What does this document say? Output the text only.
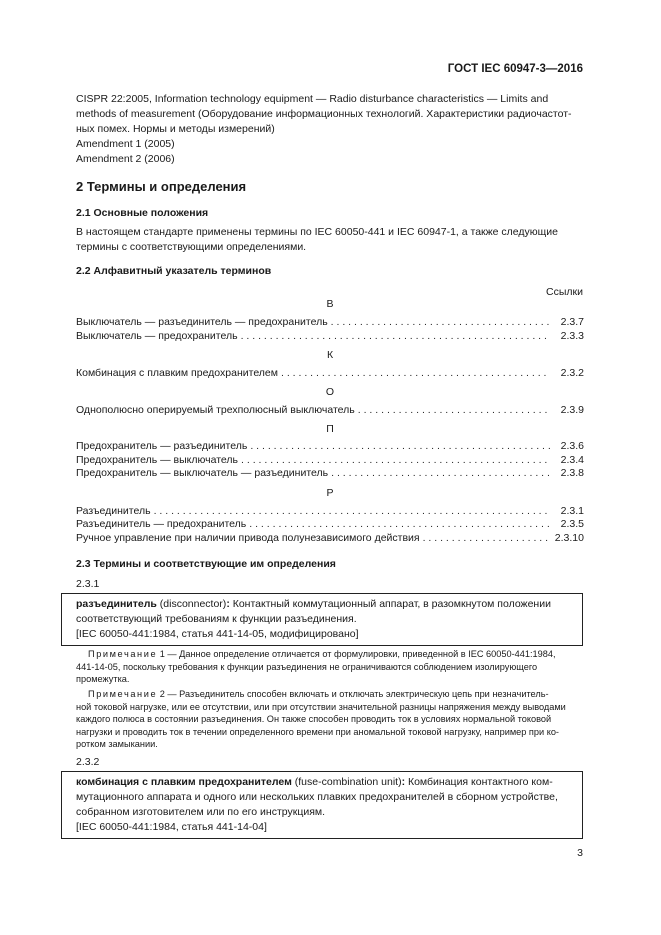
ГОСТ IEC 60947-3—2016
CISPR 22:2005, Information technology equipment — Radio disturbance characteristics — Limits and
methods of measurement (Оборудование информационных технологий. Характеристики радиочастот-
ных помех. Нормы и методы измерений)
Amendment 1 (2005)
Amendment 2 (2006)
2 Термины и определения
2.1 Основные положения
В настоящем стандарте применены термины по IEC 60050-441 и IEC 60947-1, а также следующие
термины с соответствующими определениями.
2.2 Алфавитный указатель терминов
Ссылки
В
Выключатель — разъединитель — предохранитель . . .	2.3.7
Выключатель — предохранитель . . .	2.3.3
К
Комбинация с плавким предохранителем . . .	2.3.2
О
Однополюсно оперируемый трехполюсный выключатель . . .	2.3.9
П
Предохранитель — разъединитель . . .	2.3.6
Предохранитель — выключатель . . .	2.3.4
Предохранитель — выключатель — разъединитель . . .	2.3.8
Р
Разъединитель . . .	2.3.1
Разъединитель — предохранитель . . .	2.3.5
Ручное управление при наличии привода полунезависимого действия . . .	2.3.10
2.3 Термины и соответствующие им определения
2.3.1
разъединитель (disconnector): Контактный коммутационный аппарат, в разомкнутом положении
соответствующий требованиям к функции разъединения.
[IEC 60050-441:1984, статья 441-14-05, модифицировано]
Примечание 1 — Данное определение отличается от формулировки, приведенной в IEC 60050-441:1984,
441-14-05, поскольку требования к функции разъединения не ограничиваются соблюдением изолирующего
промежутка.
Примечание 2 — Разъединитель способен включать и отключать электрическую цепь при незначитель-
ной токовой нагрузке, или ее отсутствии, или при отсутствии значительной разницы напряжения между выводами
каждого полюса в состоянии разъединения. Он также способен проводить ток в условиях нормальной токовой
нагрузки и проводить ток в течении определенного времени при аномальной токовой нагрузку, например при ко-
ротком замыкании.
2.3.2
комбинация с плавким предохранителем (fuse-combination unit): Комбинация контактного ком-
мутационного аппарата и одного или нескольких плавких предохранителей в сборном устройстве,
собранном изготовителем или по его инструкциям.
[IEC 60050-441:1984, статья 441-14-04]
3
